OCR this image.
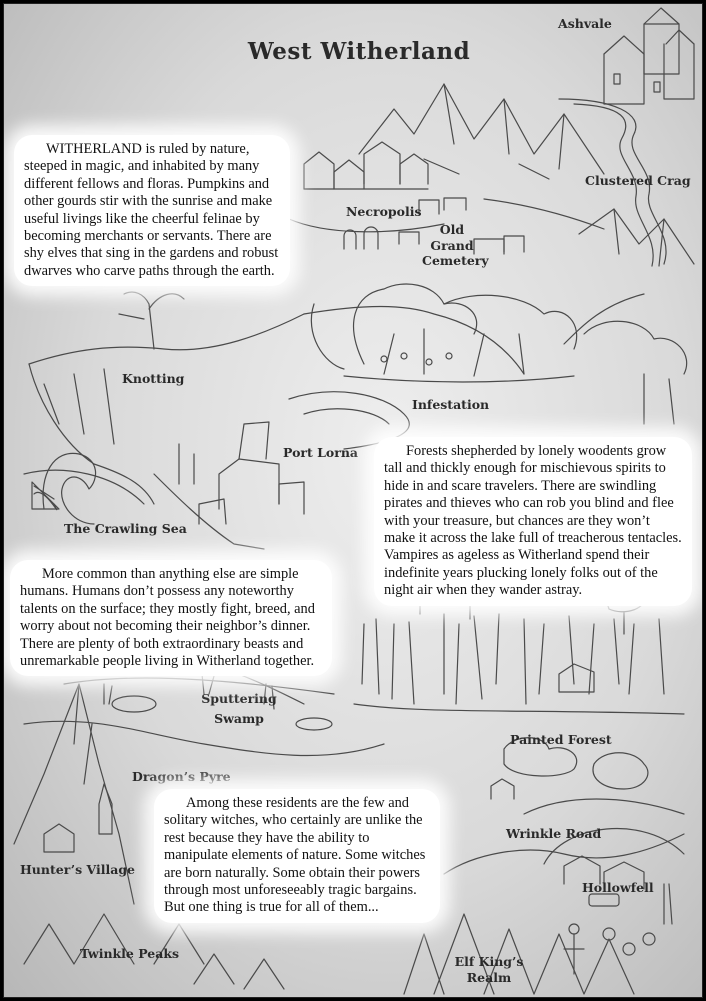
West Witherland
Ashvale
Clustered Crag
Necropolis
Old
Grand
Cemetery
Knotting
Infestation
Port Lorna
The Crawling Sea
Sputtering
Swamp
Painted Forest
Dragon’s Pyre
Wrinkle Road
Hunter’s Village
Hollowfell
Twinkle Peaks
Elf King’s
Realm
WITHERLAND is ruled by nature, steeped in magic, and inhabited by many different fellows and floras. Pumpkins and other gourds stir with the sunrise and make useful livings like the cheerful felinae by becoming merchants or servants. There are shy elves that sing in the gardens and robust dwarves who carve paths through the earth.
Forests shepherded by lonely woodents grow tall and thickly enough for mischievous spirits to hide in and scare travelers. There are swindling pirates and thieves who can rob you blind and flee with your treasure, but chances are they won’t make it across the lake full of treacherous tentacles. Vampires as ageless as Witherland spend their indefinite years plucking lonely folks out of the night air when they wander astray.
More common than anything else are simple humans. Humans don’t possess any noteworthy talents on the surface; they mostly fight, breed, and worry about not becoming their neighbor’s dinner. There are plenty of both extraordinary beasts and unremarkable people living in Witherland together.
Among these residents are the few and solitary witches, who certainly are unlike the rest because they have the ability to manipulate elements of nature. Some witches are born naturally. Some obtain their powers through most unforeseeably tragic bargains. But one thing is true for all of them...
